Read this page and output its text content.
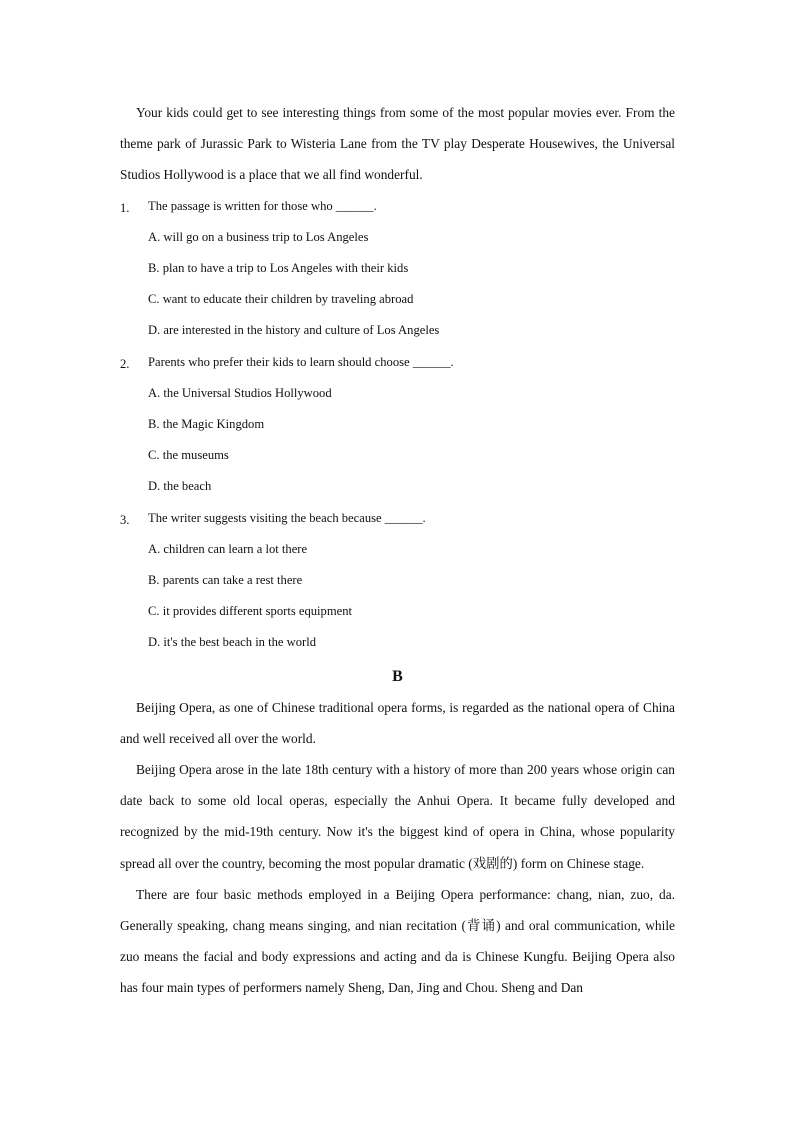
Your kids could get to see interesting things from some of the most popular movies ever. From the theme park of Jurassic Park to Wisteria Lane from the TV play Desperate Housewives, the Universal Studios Hollywood is a place that we all find wonderful.

1. The passage is written for those who ______.

A. will go on a business trip to Los Angeles

B. plan to have a trip to Los Angeles with their kids

C. want to educate their children by traveling abroad

D. are interested in the history and culture of Los Angeles

2. Parents who prefer their kids to learn should choose ______.

A. the Universal Studios Hollywood

B. the Magic Kingdom

C. the museums

D. the beach

3. The writer suggests visiting the beach because ______.

A. children can learn a lot there

B. parents can take a rest there

C. it provides different sports equipment

D. it's the best beach in the world

B

Beijing Opera, as one of Chinese traditional opera forms, is regarded as the national opera of China and well received all over the world.

Beijing Opera arose in the late 18th century with a history of more than 200 years whose origin can date back to some old local operas, especially the Anhui Opera. It became fully developed and recognized by the mid-19th century. Now it's the biggest kind of opera in China, whose popularity spread all over the country, becoming the most popular dramatic (戏剧的) form on Chinese stage.

There are four basic methods employed in a Beijing Opera performance: chang, nian, zuo, da. Generally speaking, chang means singing, and nian recitation (背诵) and oral communication, while zuo means the facial and body expressions and acting and da is Chinese Kungfu. Beijing Opera also has four main types of performers namely Sheng, Dan, Jing and Chou. Sheng and Dan
